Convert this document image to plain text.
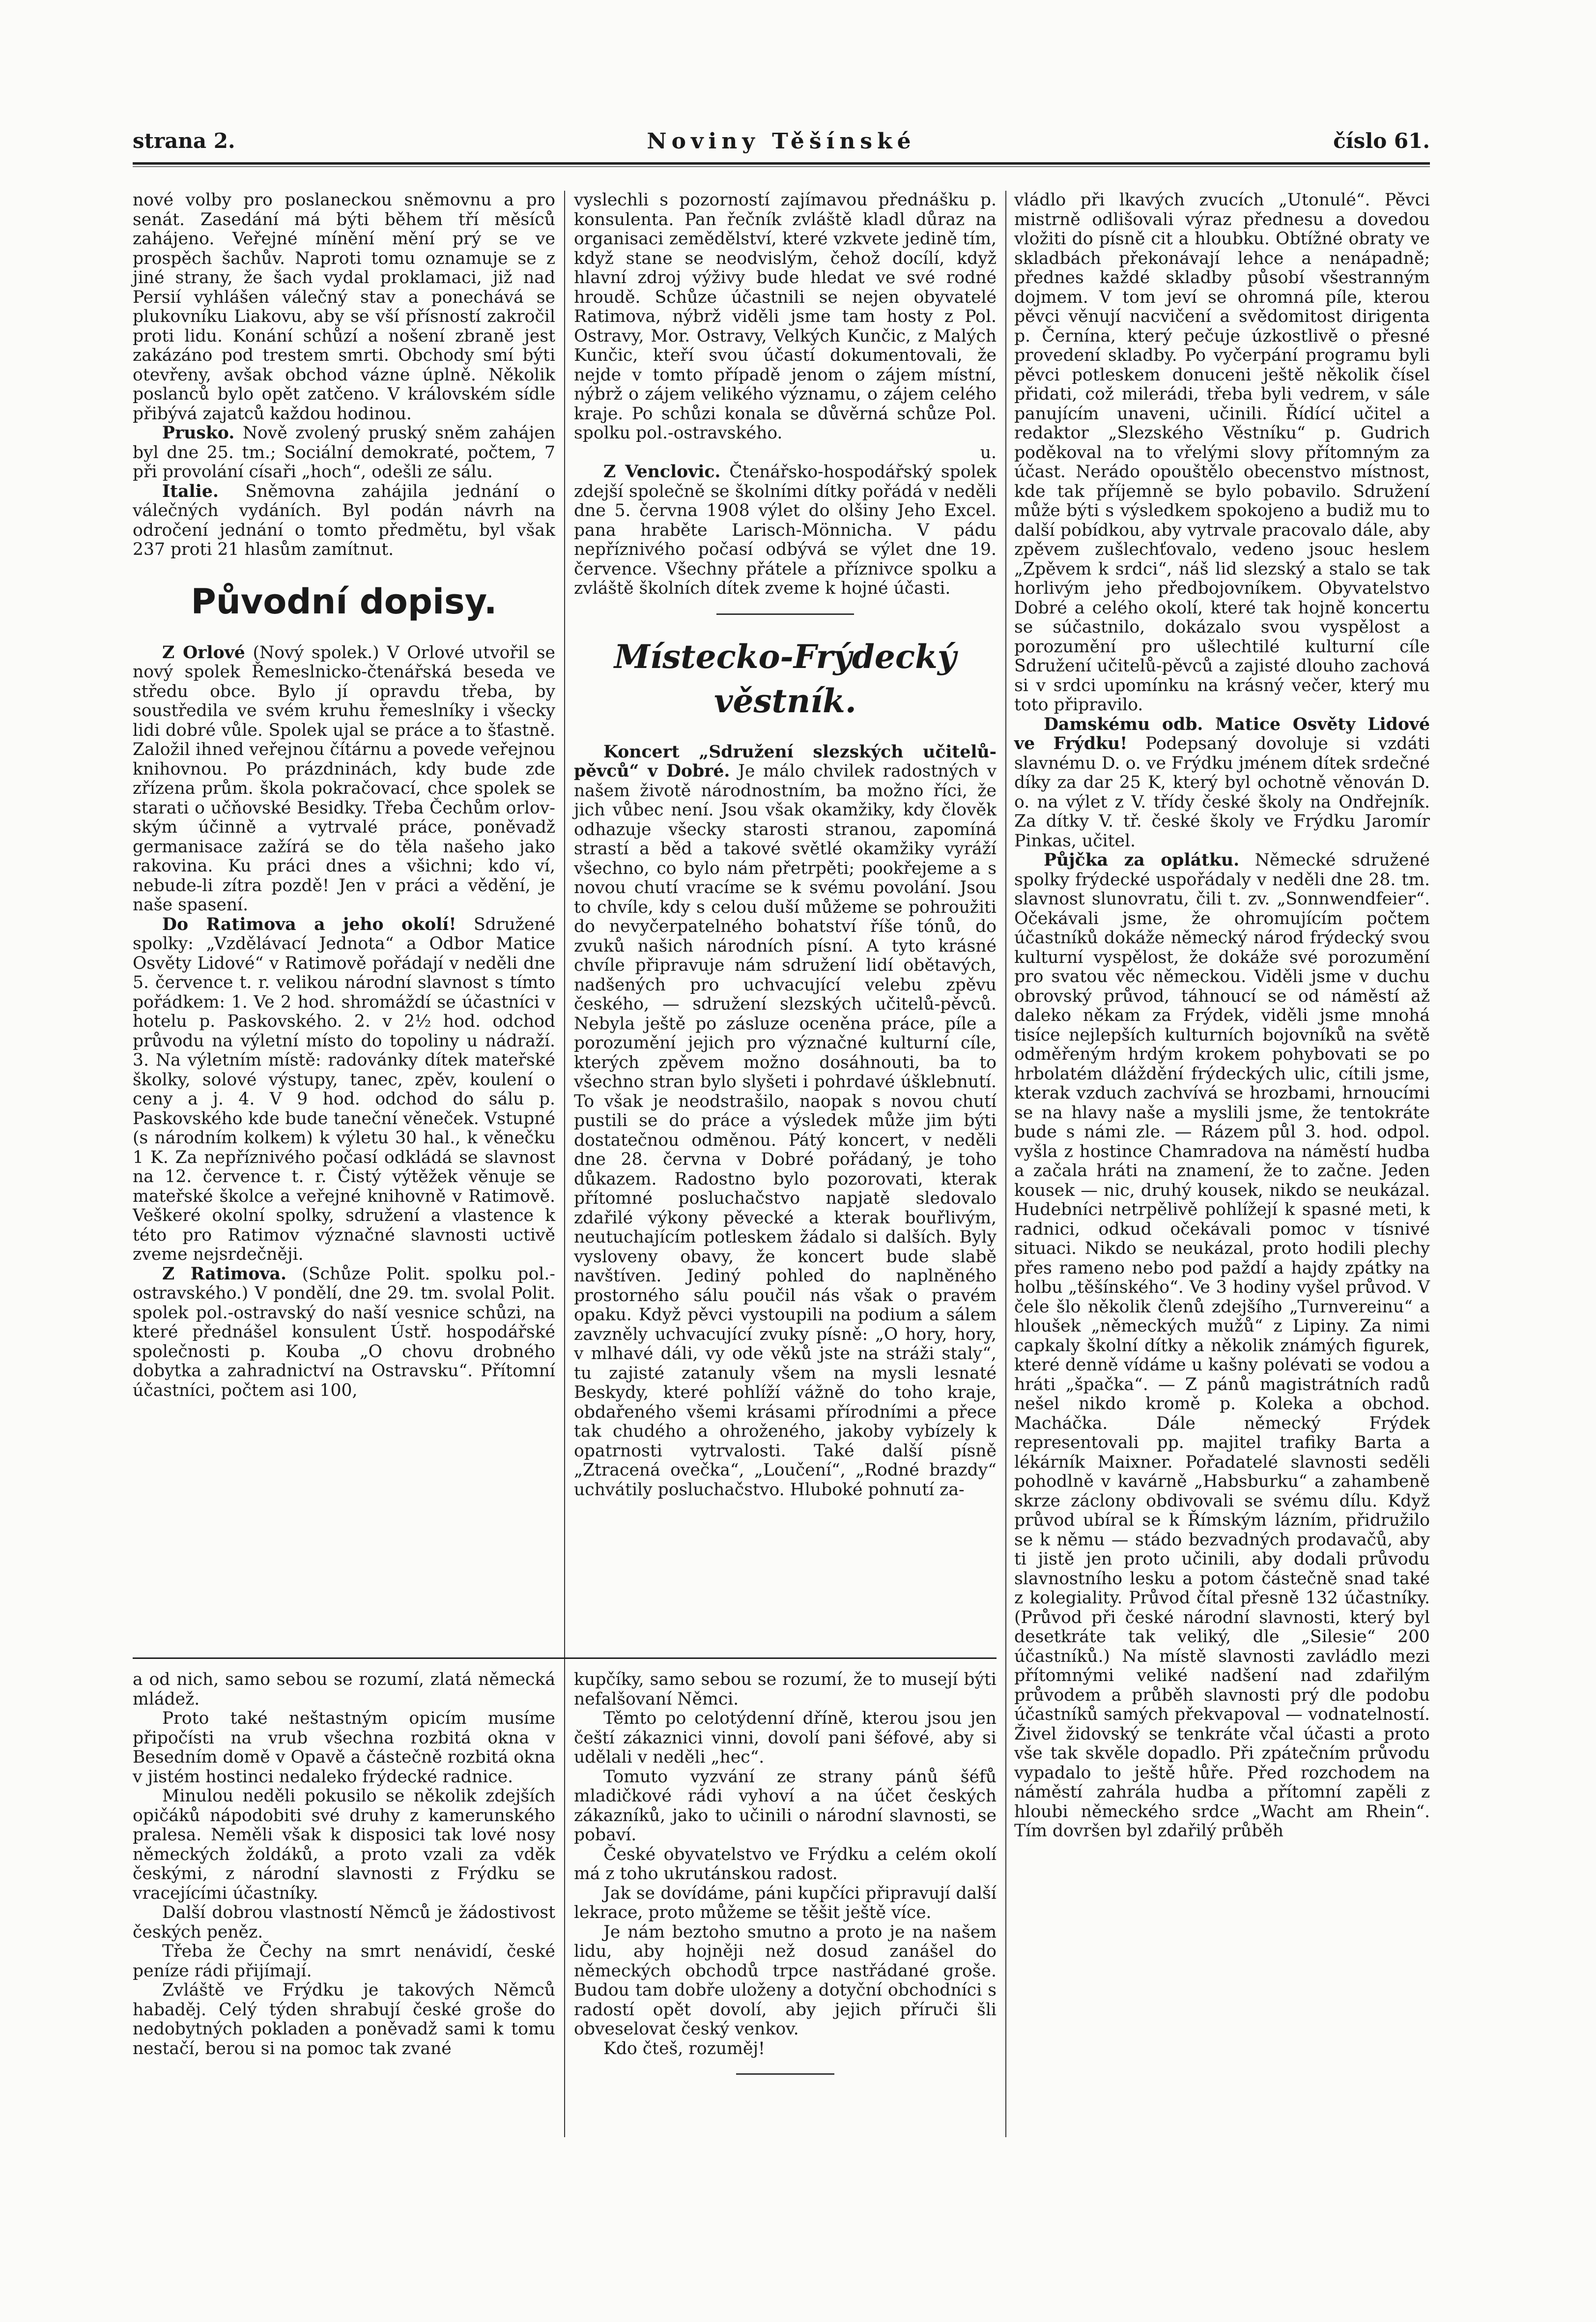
strana 2.	Noviny Těšínské	číslo 61.

nové volby pro poslaneckou sněmovnu a pro senát. Zasedání má býti během tří měsíců zahájeno. Veřejné mínění mění prý se ve prospěch šachův. Naproti tomu oznamuje se z jiné strany, že šach vydal proklamaci, již nad Persií vyhlášen válečný stav a ponechává se plukovníku Liakovu, aby se vší přísností zakročil proti lidu. Konání schůzí a nošení zbraně jest zakázáno pod trestem smrti. Obchody smí býti otevřeny, avšak obchod vázne úplně. Několik poslanců bylo opět zatčeno. V královském sídle přibývá zajatců každou hodinou.

Prusko. Nově zvolený pruský sněm zahájen byl dne 25. tm.; Sociální demokraté, počtem, 7 při provolání císaři „hoch“, odešli ze sálu.

Italie. Sněmovna zahájila jednání o válečných vydáních. Byl podán návrh na odročení jednání o tomto předmětu, byl však 237 proti 21 hlasům zamítnut.

Původní dopisy.

Z Orlové (Nový spolek.) V Orlové utvořil se nový spolek Řemeslnicko-čtenářská beseda ve středu obce. Bylo jí opravdu třeba, by soustředila ve svém kruhu řemeslníky i všecky lidi dobré vůle. Spolek ujal se práce a to šťastně. Založil ihned veřejnou čítárnu a povede veřejnou knihovnou. Po prázdninách, kdy bude zde zřízena prům. škola pokračovací, chce spolek se starati o učňovské Besidky. Třeba Čechům orlov-ským účinně a vytrvalé práce, poněvadž germanisace zažírá se do těla našeho jako rakovina. Ku práci dnes a všichni; kdo ví, nebude-li zítra pozdě! Jen v práci a vědění, je naše spasení.

Do Ratimova a jeho okolí! Sdružené spolky: „Vzdělávací Jednota“ a Odbor Matice Osvěty Lidové“ v Ratimově pořádají v neděli dne 5. července t. r. velikou národní slavnost s tímto pořádkem: 1. Ve 2 hod. shromáždí se účastníci v hotelu p. Paskovského. 2. v 2½ hod. odchod průvodu na výletní místo do topoliny u nádraží. 3. Na výletním místě: radovánky dítek mateřské školky, solové výstupy, tanec, zpěv, koulení o ceny a j. 4. V 9 hod. odchod do sálu p. Paskovského kde bude taneční věneček. Vstupné (s národním kolkem) k výletu 30 hal., k věnečku 1 K. Za nepříznivého počasí odkládá se slavnost na 12. července t. r. Čistý výtěžek věnuje se mateřské školce a veřejné knihovně v Ratimově. Veškeré okolní spolky, sdružení a vlastence k této pro Ratimov význačné slavnosti uctivě zveme nejsrdečněji.

Z Ratimova. (Schůze Polit. spolku pol.-ostravského.) V pondělí, dne 29. tm. svolal Polit. spolek pol.-ostravský do naší vesnice schůzi, na které přednášel konsulent Ústř. hospodářské společnosti p. Kouba „O chovu drobného dobytka a zahradnictví na Ostravsku“. Přítomní účastníci, počtem asi 100,

vyslechli s pozorností zajímavou přednášku p. konsulenta. Pan řečník zvláště kladl důraz na organisaci zemědělství, které vzkvete jedině tím, když stane se neodvislým, čehož docílí, když hlavní zdroj výživy bude hledat ve své rodné hroudě. Schůze účastnili se nejen obyvatelé Ratimova, nýbrž viděli jsme tam hosty z Pol. Ostravy, Mor. Ostravy, Velkých Kunčic, z Malých Kunčic, kteří svou účastí dokumentovali, že nejde v tomto případě jenom o zájem místní, nýbrž o zájem velikého významu, o zájem celého kraje. Po schůzi konala se důvěrná schůze Pol. spolku pol.-ostravského.

u.

Z Venclovic. Čtenářsko-hospodářský spolek zdejší společně se školními dítky pořádá v neděli dne 5. června 1908 výlet do olšiny Jeho Excel. pana hraběte Larisch-Mönnicha. V pádu nepříznivého počasí odbývá se výlet dne 19. července. Všechny přátele a příznivce spolku a zvláště školních dítek zveme k hojné účasti.

Místecko-Frýdecký věstník.

Koncert „Sdružení slezských učitelů-pěvců“ v Dobré. Je málo chvilek radostných v našem životě národnostním, ba možno říci, že jich vůbec není. Jsou však okamžiky, kdy člověk odhazuje všecky starosti stranou, zapomíná strastí a běd a takové světlé okamžiky vyráží všechno, co bylo nám přetrpěti; pookřejeme a s novou chutí vracíme se k svému povolání. Jsou to chvíle, kdy s celou duší můžeme se pohroužiti do nevyčerpatelného bohatství říše tónů, do zvuků našich národních písní. A tyto krásné chvíle připravuje nám sdružení lidí obětavých, nadšených pro uchvacující velebu zpěvu českého, — sdružení slezských učitelů-pěvců. Nebyla ještě po zásluze oceněna práce, píle a porozumění jejich pro význačné kulturní cíle, kterých zpěvem možno dosáhnouti, ba to všechno stran bylo slyšeti i pohrdavé úšklebnutí. To však je neodstrašilo, naopak s novou chutí pustili se do práce a výsledek může jim býti dostatečnou odměnou. Pátý koncert, v neděli dne 28. června v Dobré pořádaný, je toho důkazem. Radostno bylo pozorovati, kterak přítomné posluchačstvo napjatě sledovalo zdařilé výkony pěvecké a kterak bouřlivým, neutuchajícím potleskem žádalo si dalších. Byly vysloveny obavy, že koncert bude slabě navštíven. Jediný pohled do naplněného prostorného sálu poučil nás však o pravém opaku. Když pěvci vystoupili na podium a sálem zavzněly uchvacující zvuky písně: „O hory, hory, v mlhavé dáli, vy ode věků jste na stráži staly“, tu zajisté zatanuly všem na mysli lesnaté Beskydy, které pohlíží vážně do toho kraje, obdařeného všemi krásami přírodními a přece tak chudého a ohroženého, jakoby vybízely k opatrnosti vytrvalosti. Také další písně „Ztracená ovečka“, „Loučení“, „Rodné brazdy“ uchvátily posluchačstvo. Hluboké pohnutí za-

vládlo při lkavých zvucích „Utonulé“. Pěvci mistrně odlišovali výraz přednesu a dovedou vložiti do písně cit a hloubku. Obtížné obraty ve skladbách překonávají lehce a nenápadně; přednes každé skladby působí všestranným dojmem. V tom jeví se ohromná píle, kterou pěvci věnují nacvičení a svědomitost dirigenta p. Černína, který pečuje úzkostlivě o přesné provedení skladby. Po vyčerpání programu byli pěvci potleskem donuceni ještě několik čísel přidati, což milerádi, třeba byli vedrem, v sále panujícím unaveni, učinili. Řídící učitel a redaktor „Slezského Věstníku“ p. Gudrich poděkoval na to vřelými slovy přítomným za účast. Nerádo opouštělo obecenstvo místnost, kde tak příjemně se bylo pobavilo. Sdružení může býti s výsledkem spokojeno a budiž mu to další pobídkou, aby vytrvale pracovalo dále, aby zpěvem zušlechťovalo, vedeno jsouc heslem „Zpěvem k srdci“, náš lid slezský a stalo se tak horlivým jeho předbojovníkem. Obyvatelstvo Dobré a celého okolí, které tak hojně koncertu se súčastnilo, dokázalo svou vyspělost a porozumění pro ušlechtilé kulturní cíle Sdružení učitelů-pěvců a zajisté dlouho zachová si v srdci upomínku na krásný večer, který mu toto připravilo.

Damskému odb. Matice Osvěty Lidové ve Frýdku! Podepsaný dovoluje si vzdáti slavnému D. o. ve Frýdku jménem dítek srdečné díky za dar 25 K, který byl ochotně věnován D. o. na výlet z V. třídy české školy na Ondřejník. Za dítky V. tř. české školy ve Frýdku Jaromír Pinkas, učitel.

Půjčka za oplátku. Německé sdružené spolky frýdecké uspořádaly v neděli dne 28. tm. slavnost slunovratu, čili t. zv. „Sonnwendfeier“. Očekávali jsme, že ohromujícím počtem účastníků dokáže německý národ frýdecký svou kulturní vyspělost, že dokáže své porozumění pro svatou věc německou. Viděli jsme v duchu obrovský průvod, táhnoucí se od náměstí až daleko někam za Frýdek, viděli jsme mnohá tisíce nejlepších kulturních bojovníků na světě odměřeným hrdým krokem pohybovati se po hrbolatém dláždění frýdeckých ulic, cítili jsme, kterak vzduch zachvívá se hrozbami, hrnoucími se na hlavy naše a myslili jsme, že tentokráte bude s námi zle. — Rázem půl 3. hod. odpol. vyšla z hostince Chamradova na náměstí hudba a začala hráti na znamení, že to začne. Jeden kousek — nic, druhý kousek, nikdo se neukázal. Hudebníci netrpělivě pohlížejí k spasné meti, k radnici, odkud očekávali pomoc v tísnivé situaci. Nikdo se neukázal, proto hodili plechy přes rameno nebo pod paždí a hajdy zpátky na holbu „těšínského“. Ve 3 hodiny vyšel průvod. V čele šlo několik členů zdejšího „Turnvereinu“ a hloušek „německých mužů“ z Lipiny. Za nimi capkaly školní dítky a několik známých figurek, které denně vídáme u kašny polévati se vodou a hráti „špačka“. — Z pánů magistrátních radů nešel nikdo kromě p. Koleka a obchod. Macháčka. Dále německý Frýdek representovali pp. majitel trafiky Barta a lékárník Maixner. Pořadatelé slavnosti seděli pohodlně v kavárně „Habsburku“ a zahambeně skrze záclony obdivovali se svému dílu. Když průvod ubíral se k Římským lázním, přidružilo se k němu — stádo bezvadných prodavačů, aby ti jistě jen proto učinili, aby dodali průvodu slavnostního lesku a potom částečně snad také z kolegiality. Průvod čítal přesně 132 účastníky. (Průvod při české národní slavnosti, který byl desetkráte tak veliký, dle „Silesie“ 200 účastníků.) Na místě slavnosti zavládlo mezi přítomnými veliké nadšení nad zdařilým průvodem a průběh slavnosti prý dle podobu účastníků samých překvapoval — vodnatelností. Živel židovský se tenkráte včal účasti a proto vše tak skvěle dopadlo. Při zpátečním průvodu vypadalo to ještě hůře. Před rozchodem na náměstí zahrála hudba a přítomní zapěli z hloubi německého srdce „Wacht am Rhein“. Tím dovršen byl zdařilý průběh

a od nich, samo sebou se rozumí, zlatá německá mládež.

Proto také neštastným opicím musíme připočísti na vrub všechna rozbitá okna v Besedním domě v Opavě a částečně rozbitá okna v jistém hostinci nedaleko frýdecké radnice.

Minulou neděli pokusilo se několik zdejších opičáků nápodobiti své druhy z kamerunského pralesa. Neměli však k disposici tak lové nosy německých žoldáků, a proto vzali za vděk českými, z národní slavnosti z Frýdku se vracejícími účastníky.

Další dobrou vlastností Němců je žádostivost českých peněz.

Třeba že Čechy na smrt nenávidí, české peníze rádi přijímají.

Zvláště ve Frýdku je takových Němců habaděj. Celý týden shrabují české groše do nedobytných pokladen a poněvadž sami k tomu nestačí, berou si na pomoc tak zvané

kupčíky, samo sebou se rozumí, že to musejí býti nefalšovaní Němci.

Těmto po celotýdenní dříně, kterou jsou jen čeští zákaznici vinni, dovolí pani šéfové, aby si udělali v neděli „hec“.

Tomuto vyzvání ze strany pánů šéfů mladičkové rádi vyhoví a na účet českých zákazníků, jako to učinili o národní slavnosti, se pobaví.

České obyvatelstvo ve Frýdku a celém okolí má z toho ukrutánskou radost.

Jak se dovídáme, páni kupčíci připravují další lekrace, proto můžeme se těšit ještě více.

Je nám beztoho smutno a proto je na našem lidu, aby hojněji než dosud zanášel do německých obchodů trpce nastřádané groše. Budou tam dobře uloženy a dotyční obchodníci s radostí opět dovolí, aby jejich příruči šli obveselovat český venkov.

Kdo čteš, rozuměj!
